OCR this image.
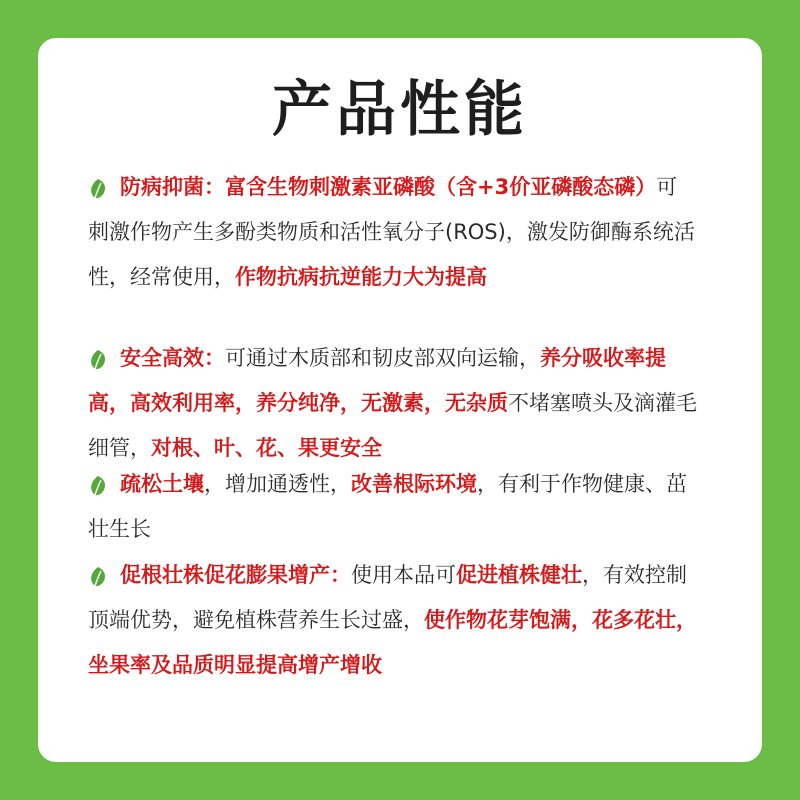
产品性能

防病抑菌：富含生物刺激素亚磷酸（含+3价亚磷酸态磷）可刺激作物产生多酚类物质和活性氧分子(ROS)，激发防御酶系统活性，经常使用，作物抗病抗逆能力大为提高

安全高效：可通过木质部和韧皮部双向运输，养分吸收率提高，高效利用率，养分纯净，无激素，无杂质不堵塞喷头及滴灌毛细管，对根、叶、花、果更安全

疏松土壤，增加通透性，改善根际环境，有利于作物健康、茁壮生长

促根壮株促花膨果增产：使用本品可促进植株健壮，有效控制顶端优势，避免植株营养生长过盛，使作物花芽饱满，花多花壮，坐果率及品质明显提高增产增收
